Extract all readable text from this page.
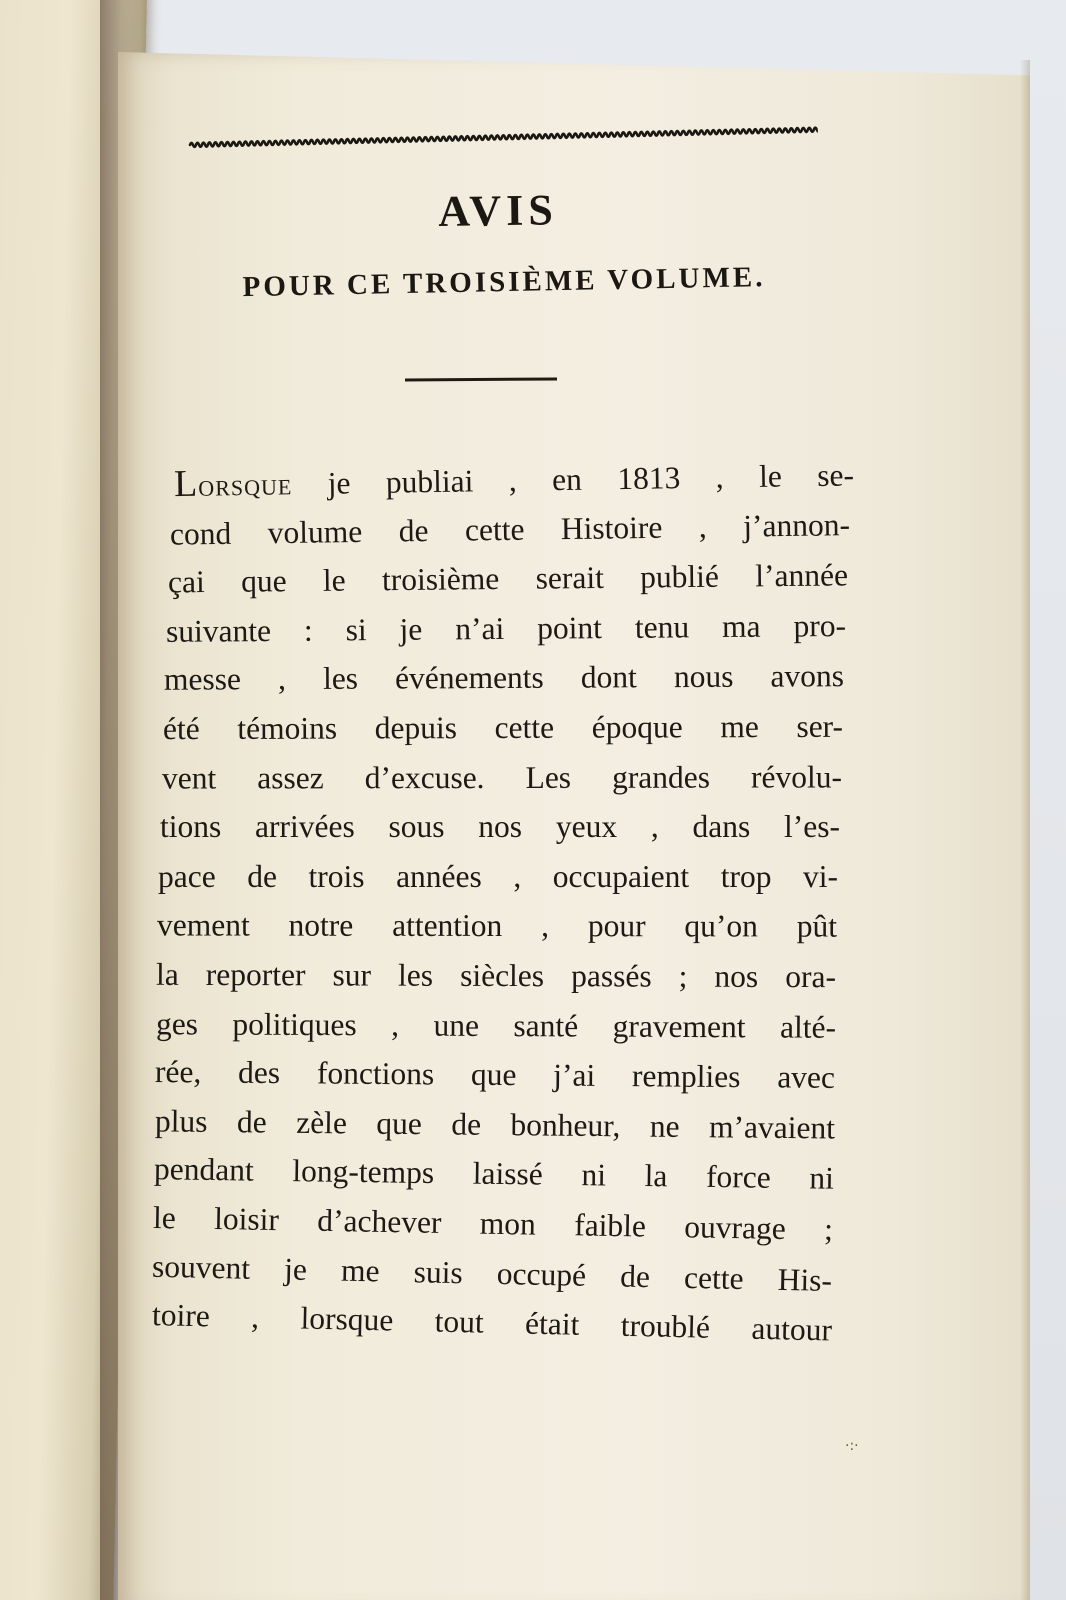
AVIS
POUR CE TROISIÈME VOLUME.
LORSQUE je publiai , en 1813 , le se-
cond volume de cette Histoire , j’annon-
çai que le troisième serait publié l’année
suivante : si je n’ai point tenu ma pro-
messe , les événements dont nous avons
été témoins depuis cette époque me ser-
vent assez d’excuse. Les grandes révolu-
tions arrivées sous nos yeux , dans l’es-
pace de trois années , occupaient trop vi-
vement notre attention , pour qu’on pût
la reporter sur les siècles passés ; nos ora-
ges politiques , une santé gravement alté-
rée, des fonctions que j’ai remplies avec
plus de zèle que de bonheur, ne m’avaient
pendant long-temps laissé ni la force ni
le loisir d’achever mon faible ouvrage ;
souvent je me suis occupé de cette His-
toire , lorsque tout était troublé autour
·:·
